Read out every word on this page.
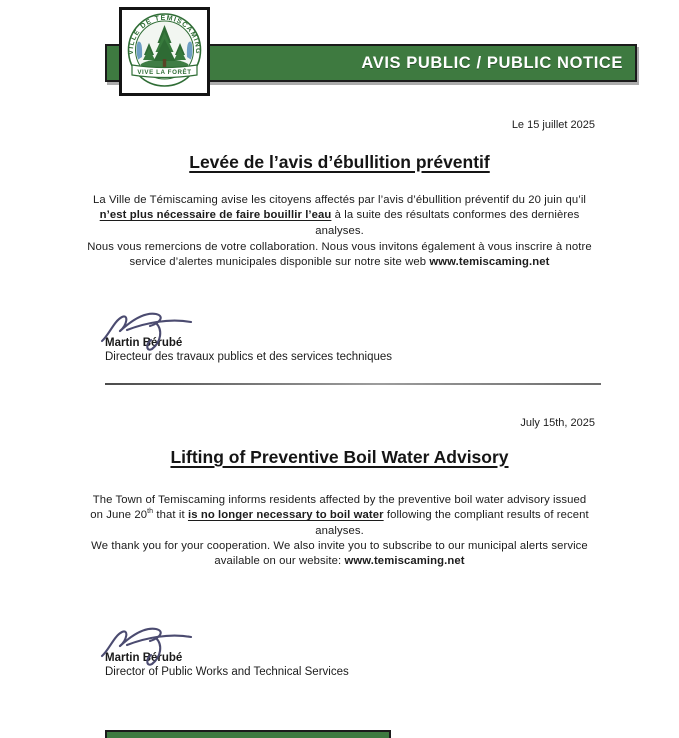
AVIS PUBLIC / PUBLIC NOTICE
VILLE DE TÉMISCAMING
VIVE LA FORÊT
Le 15 juillet 2025
Levée de l’avis d’ébullition préventif

La Ville de Témiscaming avise les citoyens affectés par l’avis d’ébullition préventif du 20 juin qu’il n’est plus nécessaire de faire bouillir l’eau à la suite des résultats conformes des dernières analyses.

Nous vous remercions de votre collaboration. Nous vous invitons également à vous inscrire à notre service d’alertes municipales disponible sur notre site web www.temiscaming.net

Martin Bérubé
Directeur des travaux publics et des services techniques
July 15th, 2025
Lifting of Preventive Boil Water Advisory

The Town of Temiscaming informs residents affected by the preventive boil water advisory issued on June 20th that it is no longer necessary to boil water following the compliant results of recent analyses.

We thank you for your cooperation. We also invite you to subscribe to our municipal alerts service available on our website: www.temiscaming.net

Martin Bérubé
Director of Public Works and Technical Services
